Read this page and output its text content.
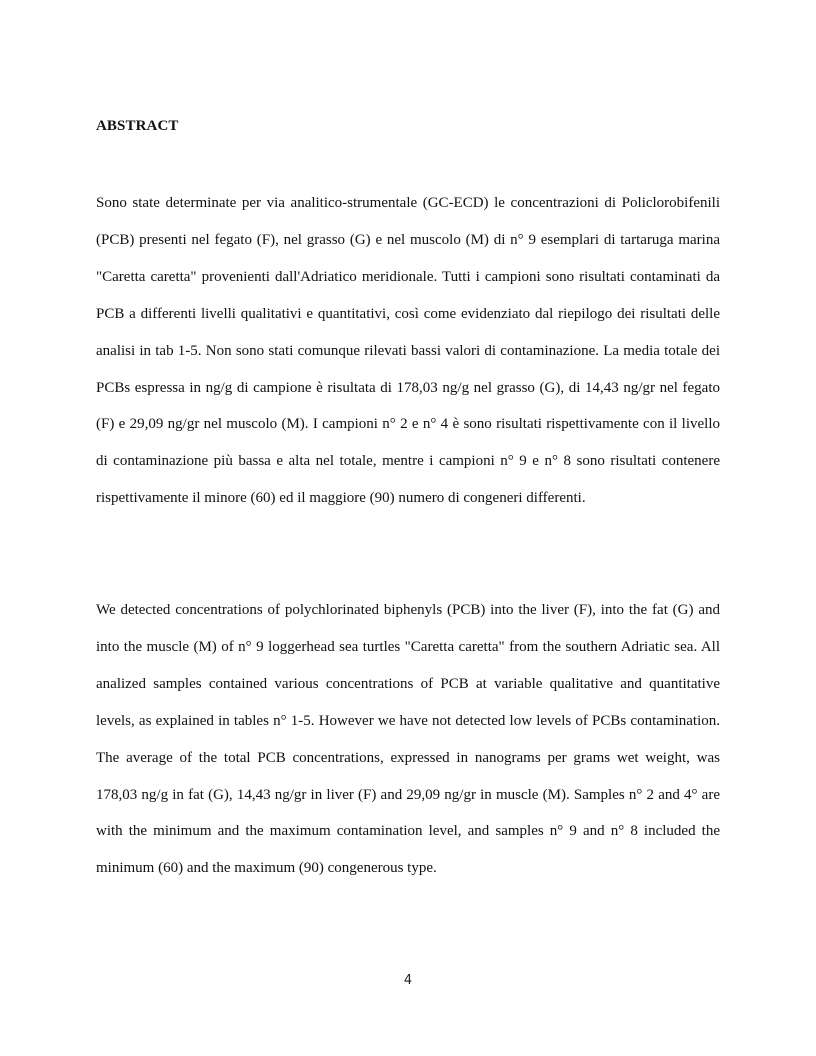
ABSTRACT

Sono state determinate per via analitico-strumentale (GC-ECD) le concentrazioni di Policlorobifenili (PCB) presenti nel fegato (F), nel grasso (G) e nel muscolo (M) di n° 9 esemplari di tartaruga marina "Caretta caretta" provenienti dall'Adriatico meridionale. Tutti i campioni sono risultati contaminati da PCB a differenti livelli qualitativi e quantitativi, così come evidenziato dal riepilogo dei risultati delle analisi in tab 1-5. Non sono stati comunque rilevati bassi valori di contaminazione. La media totale dei PCBs espressa in ng/g di campione è risultata di 178,03 ng/g nel grasso (G), di 14,43 ng/gr nel fegato (F) e 29,09 ng/gr nel muscolo (M). I campioni n° 2 e n° 4 è sono risultati rispettivamente con il livello di contaminazione più bassa e alta nel totale, mentre i campioni n° 9 e n° 8 sono risultati contenere rispettivamente il minore (60) ed il maggiore (90) numero di congeneri differenti.

We detected concentrations of polychlorinated biphenyls (PCB) into the liver (F), into the fat (G) and into the muscle (M) of n° 9 loggerhead sea turtles "Caretta caretta" from the southern Adriatic sea. All analized samples contained various concentrations of PCB at variable qualitative and quantitative levels, as explained in tables n° 1-5. However we have not detected low levels of PCBs contamination. The average of the total PCB concentrations, expressed in nanograms per grams wet weight, was 178,03 ng/g in fat (G), 14,43 ng/gr in liver (F) and 29,09 ng/gr in muscle (M). Samples n° 2 and 4° are with the minimum and the maximum contamination level, and samples n° 9 and n° 8 included the minimum (60) and the maximum (90) congenerous type.

4
